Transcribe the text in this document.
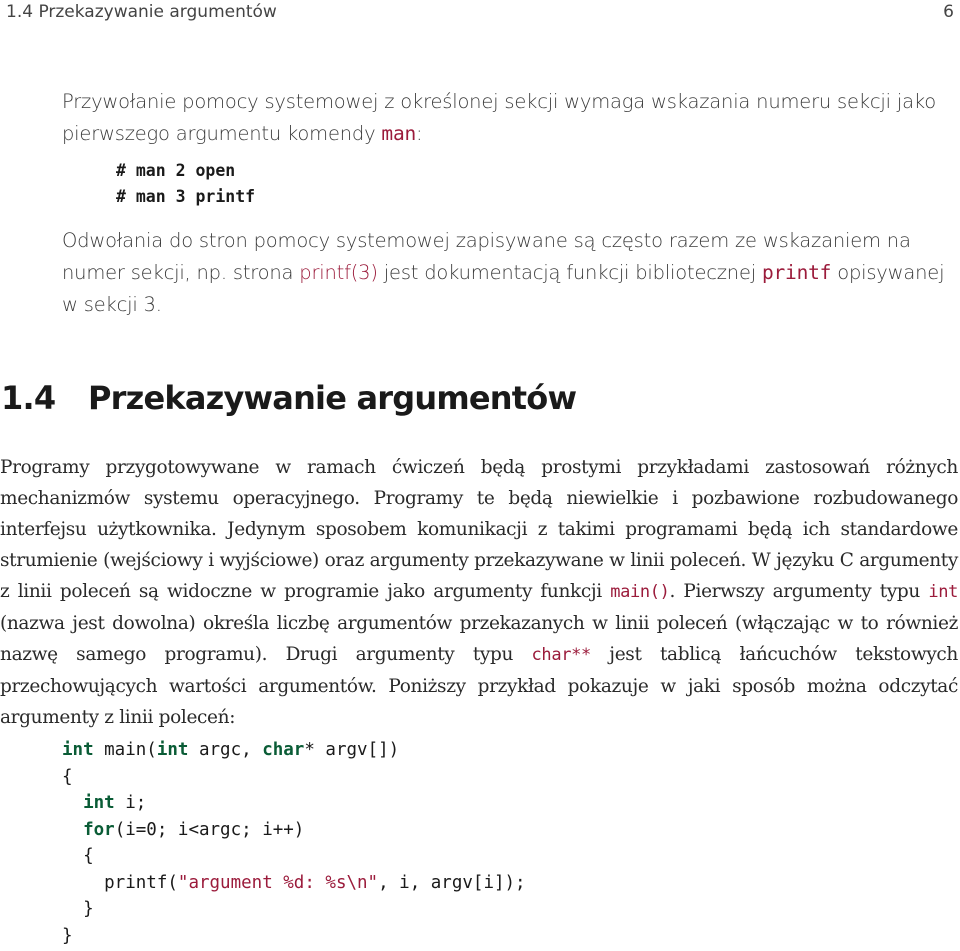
1.4 Przekazywanie argumentów	6
Przywołanie pomocy systemowej z określonej sekcji wymaga wskazania numeru sekcji jako pierwszego argumentu komendy man:
# man 2 open
# man 3 printf
Odwołania do stron pomocy systemowej zapisywane są często razem ze wskazaniem na numer sekcji, np. strona printf(3) jest dokumentacją funkcji bibliotecznej printf opisywanej w sekcji 3.
1.4 Przekazywanie argumentów
Programy przygotowywane w ramach ćwiczeń będą prostymi przykładami zastosowań różnych mechanizmów systemu operacyjnego. Programy te będą niewielkie i pozbawione rozbudowanego interfejsu użytkownika. Jedynym sposobem komunikacji z takimi programami będą ich standardowe strumienie (wejściowy i wyjściowe) oraz argumenty przekazywane w linii poleceń. W języku C argumenty z linii poleceń są widoczne w programie jako argumenty funkcji main(). Pierwszy argumenty typu int (nazwa jest dowolna) określa liczbę argumentów przekazanych w linii poleceń (włączając w to również nazwę samego programu). Drugi argumenty typu char** jest tablicą łańcuchów tekstowych przechowujących wartości argumentów. Poniższy przykład pokazuje w jaki sposób można odczytać argumenty z linii poleceń:
int main(int argc, char* argv[])
{
int i;
for(i=0; i<argc; i++)
{
printf("argument %d: %s\n", i, argv[i]);
}
}
